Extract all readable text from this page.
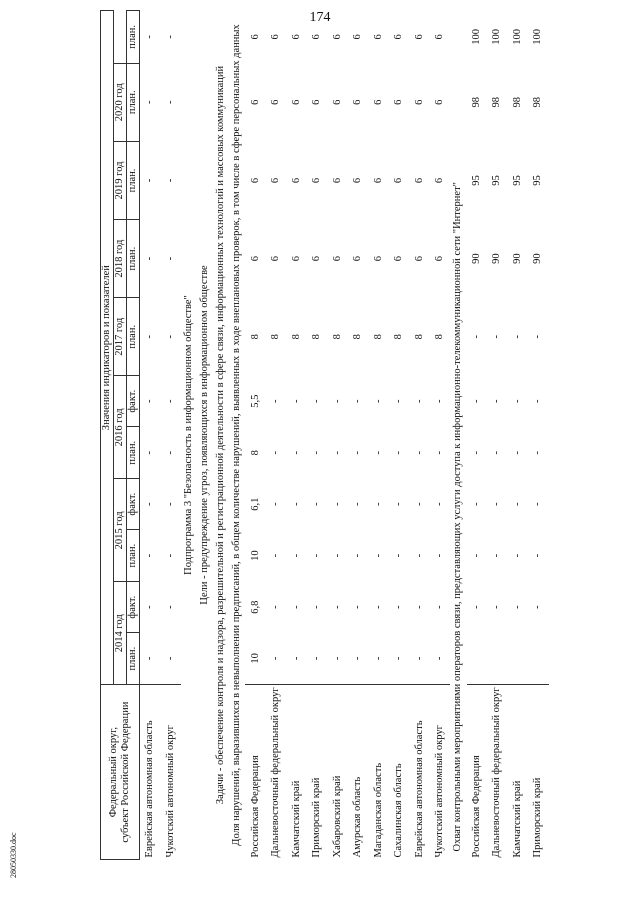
174
Федеральный округ,
субъект Российской Федерации	Значения индикаторов и показателей										
	2014 год		2015 год		2016 год		2017 год	2018 год	2019 год	2020 год	
	план.	факт.	план.	факт.	план.	факт.	план.	план.	план.	план.	план.
Еврейская автономная область	-	-	-	-	-	-	-	-	-	-	-
Чукотский автономный округ	-	-	-	-	-	-	-	-	-	-	-
Подпрограмма 3 "Безопасность в информационном обществе"											
Цели - предупреждение угроз, появляющихся в информационном обществе											
Задачи - обеспечение контроля и надзора, разрешительной и регистрационной деятельности в сфере связи, информационных технологий и массовых коммуникаций											
Доля нарушений, выразившихся в невыполнении предписаний, в общем количестве нарушений, выявленных в ходе внеплановых проверок, в том числе в сфере персональных данных											
Российская Федерация	10	6,8	10	6,1	8	5,5	8	6	6	6	6
Дальневосточный федеральный округ	-	-	-	-	-	-	8	6	6	6	6
Камчатский край	-	-	-	-	-	-	8	6	6	6	6
Приморский край	-	-	-	-	-	-	8	6	6	6	6
Хабаровский край	-	-	-	-	-	-	8	6	6	6	6
Амурская область	-	-	-	-	-	-	8	6	6	6	6
Магаданская область	-	-	-	-	-	-	8	6	6	6	6
Сахалинская область	-	-	-	-	-	-	8	6	6	6	6
Еврейская автономная область	-	-	-	-	-	-	8	6	6	6	6
Чукотский автономный округ	-	-	-	-	-	-	8	6	6	6	6
Охват контрольными мероприятиями операторов связи, представляющих услуги доступа к информационно-телекоммуникационной сети "Интернет"											
Российская Федерация		-	-	-	-	-	-	90	95	98	100
Дальневосточный федеральный округ		-	-	-	-	-	-	90	95	98	100
Камчатский край		-	-	-	-	-	-	90	95	98	100
Приморский край		-	-	-	-	-	-	90	95	98	100
28050330.doc
